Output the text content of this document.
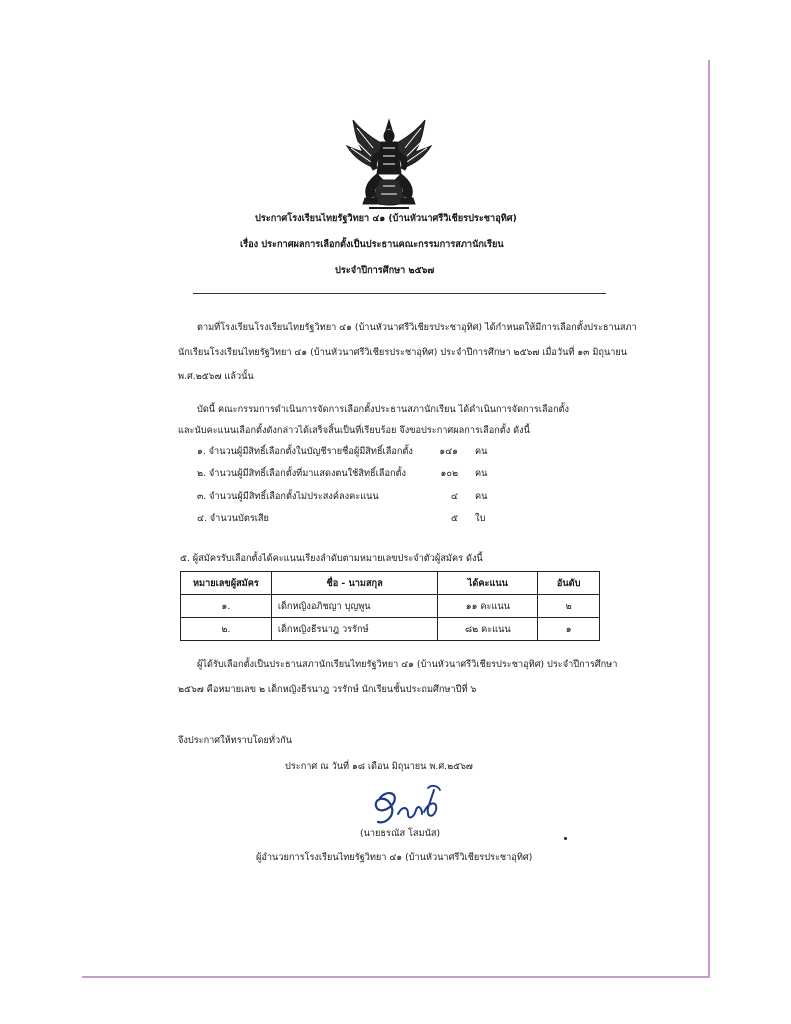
ประกาศโรงเรียนไทยรัฐวิทยา ๔๑ (บ้านหัวนาศรีวิเชียรประชาอุทิศ)
เรื่อง ประกาศผลการเลือกตั้งเป็นประธานคณะกรรมการสภานักเรียน
ประจำปีการศึกษา ๒๕๖๗
ตามที่โรงเรียนโรงเรียนไทยรัฐวิทยา ๔๑ (บ้านหัวนาศรีวิเชียรประชาอุทิศ) ได้กำหนดให้มีการเลือกตั้งประธานสภา
นักเรียนโรงเรียนไทยรัฐวิทยา ๔๑ (บ้านหัวนาศรีวิเชียรประชาอุทิศ) ประจำปีการศึกษา ๒๕๖๗ เมื่อวันที่ ๑๓ มิถุนายน
พ.ศ.๒๕๖๗ แล้วนั้น
บัดนี้ คณะกรรมการดำเนินการจัดการเลือกตั้งประธานสภานักเรียน ได้ดำเนินการจัดการเลือกตั้ง
และนับคะแนนเลือกตั้งดังกล่าวได้เสร็จสิ้นเป็นที่เรียบร้อย จึงขอประกาศผลการเลือกตั้ง ดังนี้
๑. จำนวนผู้มีสิทธิ์เลือกตั้งในบัญชีรายชื่อผู้มีสิทธิ์เลือกตั้ง	๑๔๑ คน
๒. จำนวนผู้มีสิทธิ์เลือกตั้งที่มาแสดงตนใช้สิทธิ์เลือกตั้ง	๑๐๒ คน
๓. จำนวนผู้มีสิทธิ์เลือกตั้งไม่ประสงค์ลงคะแนน	๔ คน
๔. จำนวนบัตรเสีย	๕ ใบ
๕. ผู้สมัครรับเลือกตั้งได้คะแนนเรียงลำดับตามหมายเลขประจำตัวผู้สมัคร ดังนี้
หมายเลขผู้สมัคร	ชื่อ - นามสกุล	ได้คะแนน	อันดับ
๑.	เด็กหญิงอภิชญา บุญพูน	๑๑ คะแนน	๒
๒.	เด็กหญิงธีรนาฎ วรรักษ์	๘๒ คะแนน	๑
ผู้ได้รับเลือกตั้งเป็นประธานสภานักเรียนไทยรัฐวิทยา ๔๑ (บ้านหัวนาศรีวิเชียรประชาอุทิศ) ประจำปีการศึกษา
๒๕๖๗ คือหมายเลข ๒ เด็กหญิงธีรนาฎ วรรักษ์ นักเรียนชั้นประถมศึกษาปีที่ ๖
จึงประกาศให้ทราบโดยทั่วกัน
ประกาศ ณ วันที่ ๑๘ เดือน มิถุนายน พ.ศ.๒๕๖๗
(นายธรณัส โสมนัส)
ผู้อำนวยการโรงเรียนไทยรัฐวิทยา ๔๑ (บ้านหัวนาศรีวิเชียรประชาอุทิศ)
